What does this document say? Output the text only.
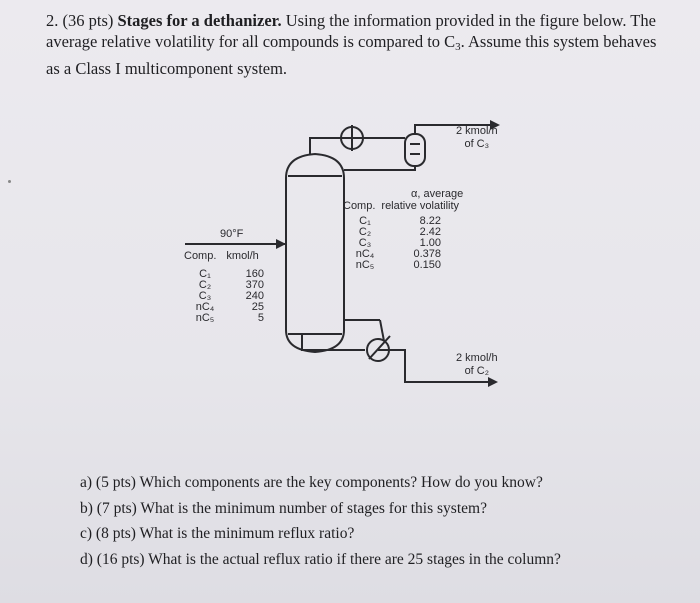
2. (36 pts) Stages for a dethanizer. Using the information provided in the figure below. The average relative volatility for all compounds is compared to C3. Assume this system behaves as a Class I multicomponent system.
2 kmol/h
of C₃
2 kmol/h
of C₂
90°F
Comp. kmol/h
C₁	160
C₂	370
C₃	240
nC₄	25
nC₅	5
α, average
Comp. relative volatility
C₁	8.22
C₂	2.42
C₃	1.00
nC₄	0.378
nC₅	0.150
a) (5 pts) Which components are the key components? How do you know?
b) (7 pts) What is the minimum number of stages for this system?
c) (8 pts) What is the minimum reflux ratio?
d) (16 pts) What is the actual reflux ratio if there are 25 stages in the column?
